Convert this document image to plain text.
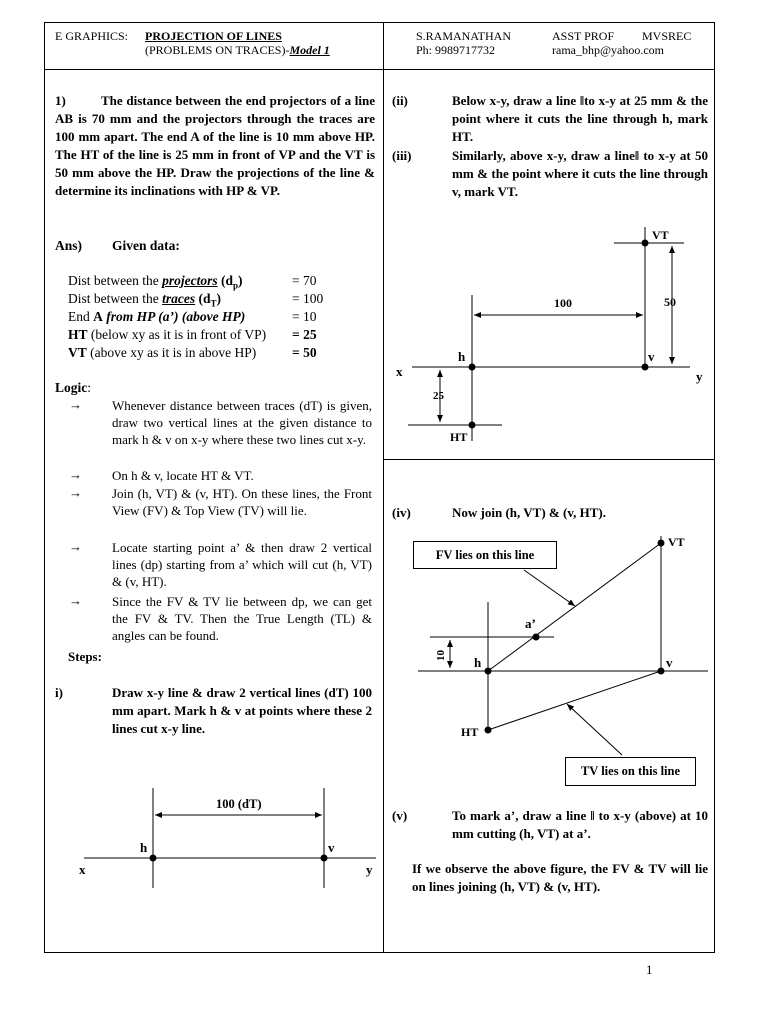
E GRAPHICS: PROJECTION OF LINES
(PROBLEMS ON TRACES)-Model 1
S.RAMANATHAN	ASST PROF MVSREC
Ph: 9989717732	rama_bhp@yahoo.com
1)	The distance between the end projectors of a line AB is 70 mm and the projectors through the traces are 100 mm apart. The end A of the line is 10 mm above HP. The HT of the line is 25 mm in front of VP and the VT is 50 mm above the HP. Draw the projections of the line & determine its inclinations with HP & VP.
Ans) Given data:
Dist between the projectors $(d_p)$	= 70
Dist between the traces $(d_T)$	= 100
End A from HP (a’) (above HP)	= 10
HT (below xy as it is in front of VP) = 25
VT (above xy as it is in above HP)	= 50
Logic:
→ Whenever distance between traces (dT) is given, draw two vertical lines at the given distance to mark h & v on x-y where these two lines cut x-y.
→ On h & v, locate HT & VT.
→ Join (h, VT) & (v, HT). On these lines, the Front View (FV) & Top View (TV) will lie.
→ Locate starting point a’ & then draw 2 vertical lines (dp) starting from a’ which will cut (h, VT) & (v, HT).
→ Since the FV & TV lie between dp, we can get the FV & TV. Then the True Length (TL) & angles can be found.
Steps:
i)	Draw x-y line & draw 2 vertical lines (dT) 100 mm apart. Mark h & v at points where these 2 lines cut x-y line.
100 (dT)
h	v
x	y
(ii)	Below x-y, draw a line ‖to x-y at 25 mm & the point where it cuts the line through h, mark HT.
(iii)	Similarly, above x-y, draw a line‖ to x-y at 50 mm & the point where it cuts the line through v, mark VT.
VT
100	50
h	v
x	y
25
HT
(iv)	Now join (h, VT) & (v, HT).
VT
a’
h	v
HT
10
FV lies on this line
TV lies on this line
(v)	To mark a’, draw a line ‖ to x-y (above) at 10 mm cutting (h, VT) at a’.
If we observe the above figure, the FV & TV will lie on lines joining (h, VT) & (v, HT).
1
